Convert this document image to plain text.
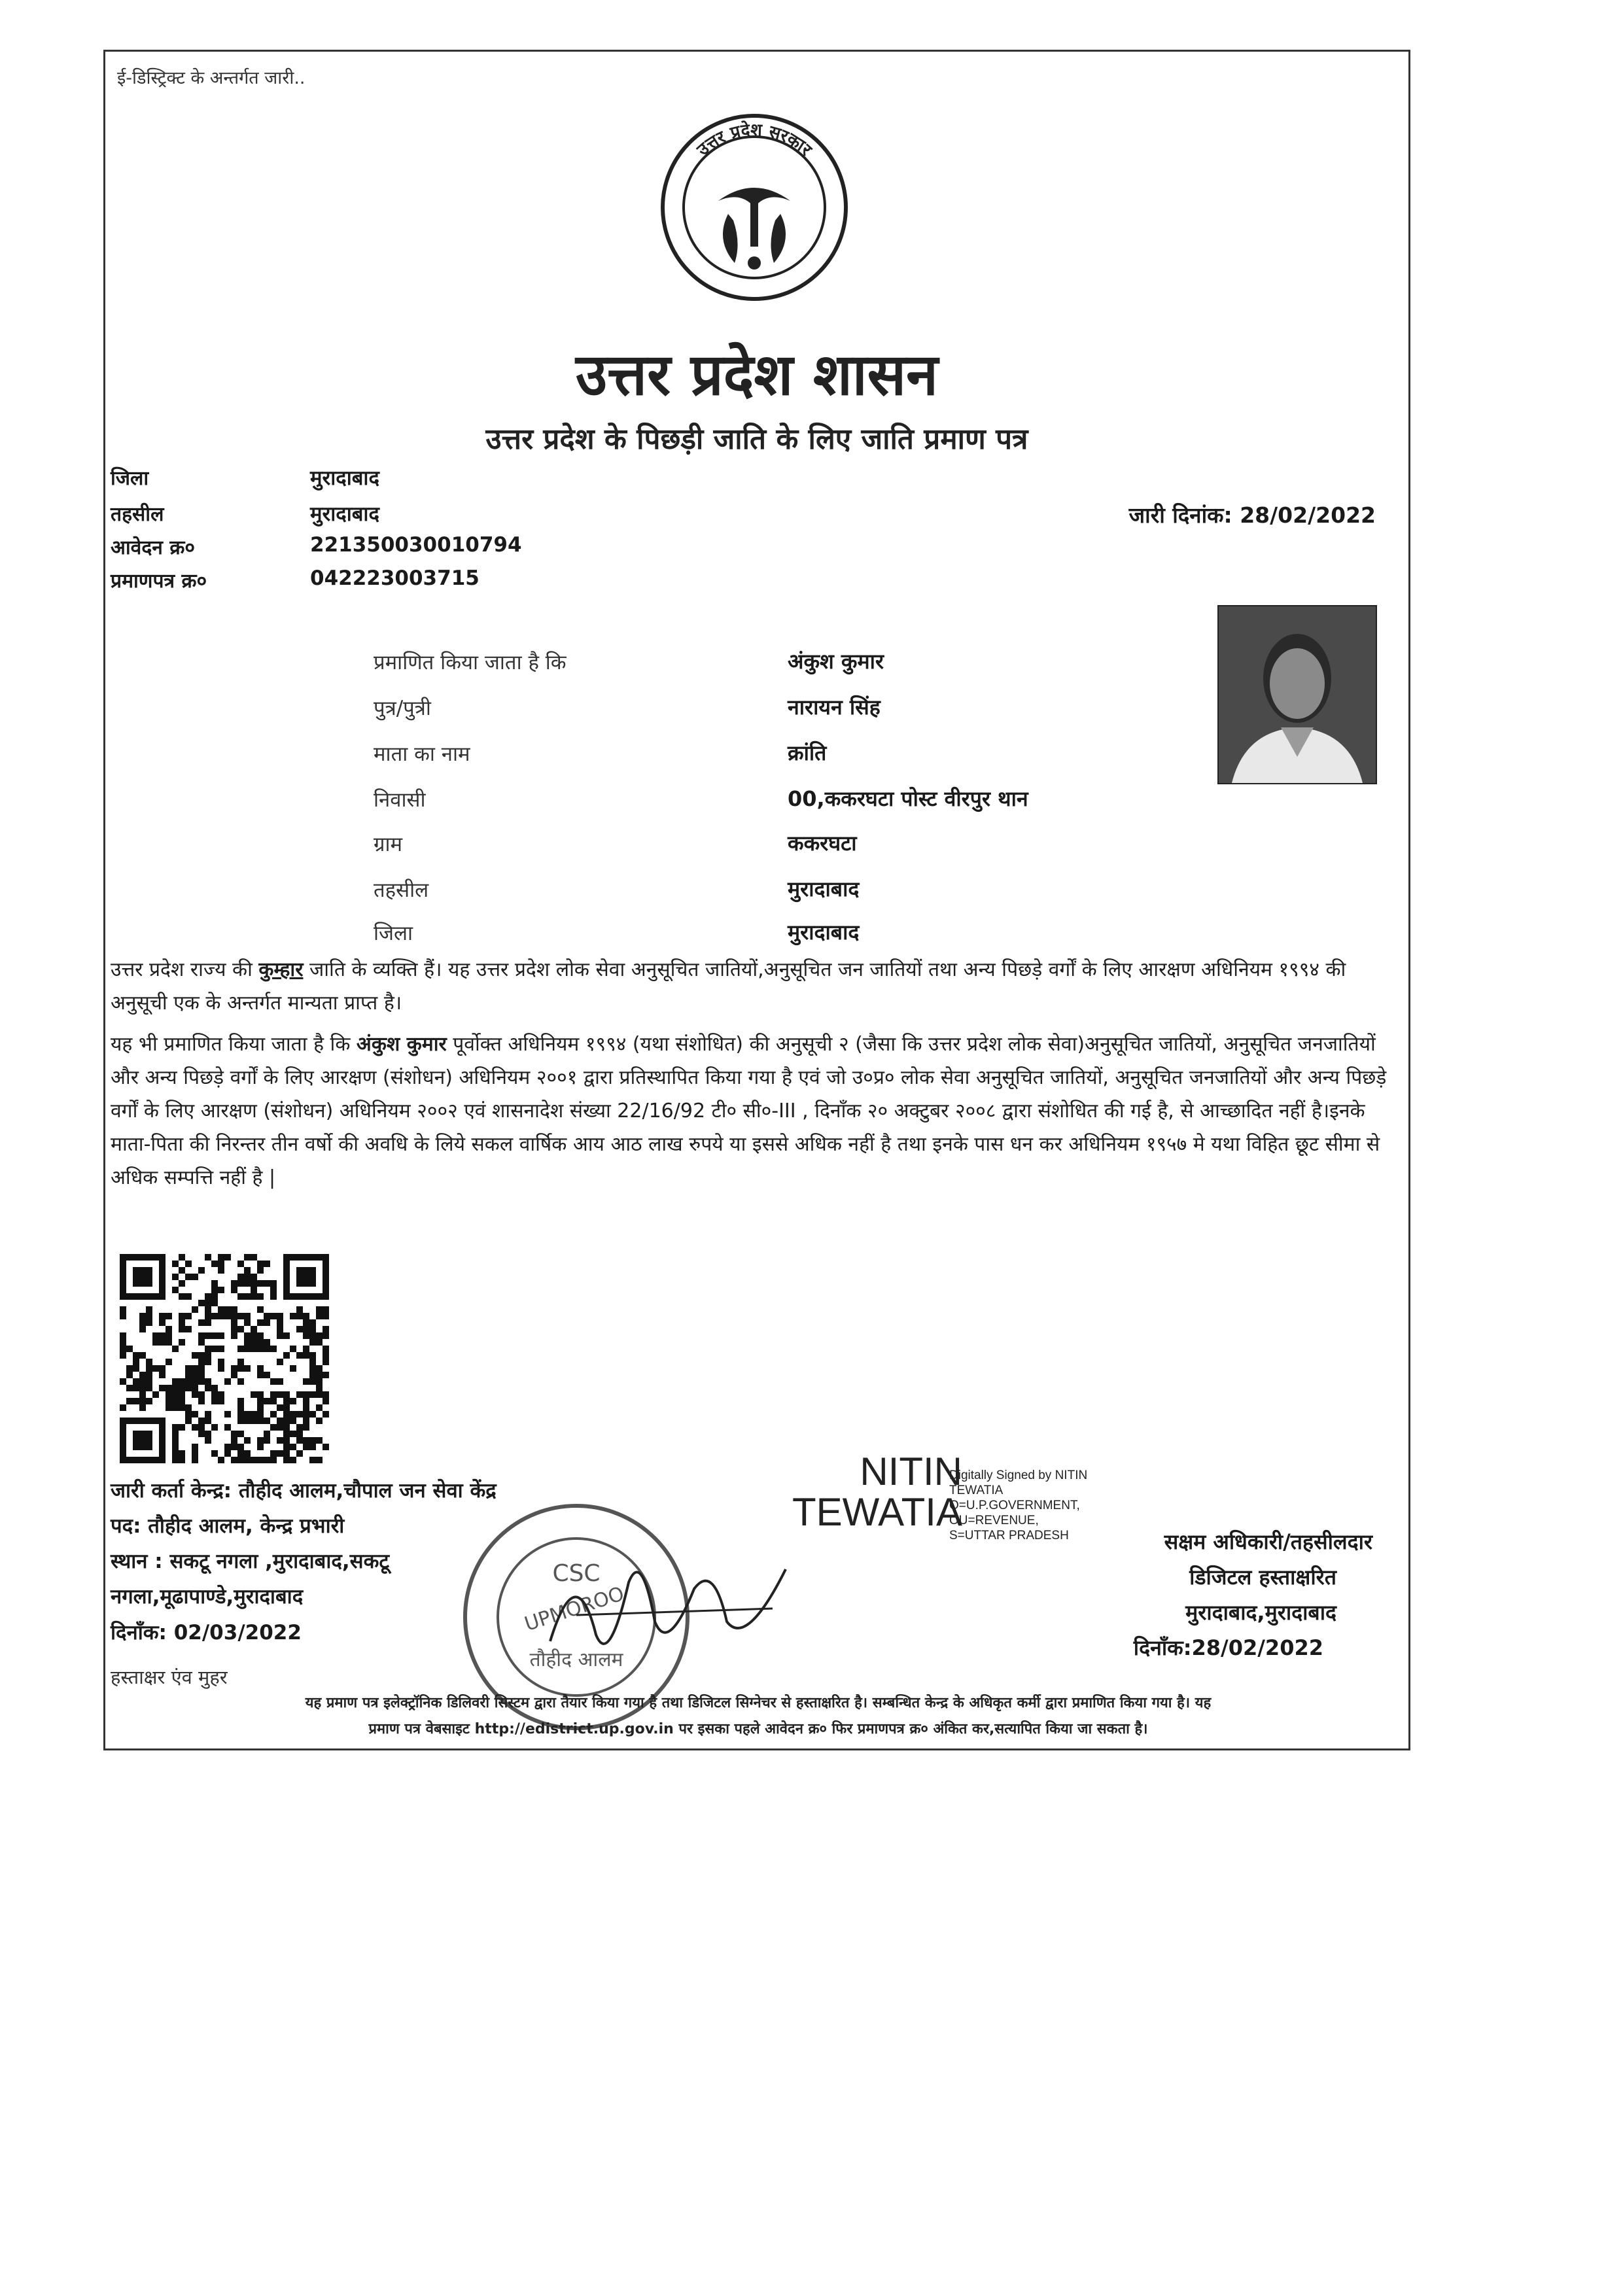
ई-डिस्ट्रिक्ट के अन्तर्गत जारी..
उत्तर प्रदेश सरकार
उत्तर प्रदेश शासन
उत्तर प्रदेश के पिछड़ी जाति के लिए जाति प्रमाण पत्र
जिला	मुरादाबाद
तहसील	मुरादाबाद
आवेदन क्र०	221350030010794
प्रमाणपत्र क्र०	042223003715
जारी दिनांक: 28/02/2022
प्रमाणित किया जाता है कि	अंकुश कुमार
पुत्र/पुत्री	नारायन सिंह
माता का नाम	क्रांति
निवासी	00,ककरघटा पोस्ट वीरपुर थान
ग्राम	ककरघटा
तहसील	मुरादाबाद
जिला	मुरादाबाद
उत्तर प्रदेश राज्य की कुम्हार जाति के व्यक्ति हैं। यह उत्तर प्रदेश लोक सेवा अनुसूचित जातियों,अनुसूचित जन जातियों तथा अन्य पिछड़े वर्गों के लिए आरक्षण अधिनियम १९९४ की अनुसूची एक के अन्तर्गत मान्यता प्राप्त है।
यह भी प्रमाणित किया जाता है कि अंकुश कुमार पूर्वोक्त अधिनियम १९९४ (यथा संशोधित) की अनुसूची २ (जैसा कि उत्तर प्रदेश लोक सेवा)अनुसूचित जातियों, अनुसूचित जनजातियों और अन्य पिछड़े वर्गों के लिए आरक्षण (संशोधन) अधिनियम २००१ द्वारा प्रतिस्थापित किया गया है एवं जो उ०प्र० लोक सेवा अनुसूचित जातियों, अनुसूचित जनजातियों और अन्य पिछड़े वर्गों के लिए आरक्षण (संशोधन) अधिनियम २००२ एवं शासनादेश संख्या 22/16/92 टी० सी०-III , दिनाँक २० अक्टुबर २००८ द्वारा संशोधित की गई है, से आच्छादित नहीं है।इनके माता-पिता की निरन्तर तीन वर्षो की अवधि के लिये सकल वार्षिक आय आठ लाख रुपये या इससे अधिक नहीं है तथा इनके पास धन कर अधिनियम १९५७ मे यथा विहित छूट सीमा से अधिक सम्पत्ति नहीं है |
जारी कर्ता केन्द्र: तौहीद आलम,चौपाल जन सेवा केंद्र
पद: तौहीद आलम, केन्द्र प्रभारी
स्थान : सकटू नगला ,मुरादाबाद,सकटू
नगला,मूढापाण्डे,मुरादाबाद
दिनाँक: 02/03/2022
हस्ताक्षर एंव मुहर
CSC
UPMOROO
तौहीद आलम
NITIN
TEWATIA
Digitally Signed by NITIN
TEWATIA
O=U.P.GOVERNMENT,
OU=REVENUE,
S=UTTAR PRADESH	सक्षम अधिकारी/तहसीलदार
डिजिटल हस्ताक्षरित
मुरादाबाद,मुरादाबाद
दिनाँक:28/02/2022
यह प्रमाण पत्र इलेक्ट्रॉनिक डिलिवरी सिस्टम द्वारा तैयार किया गया है तथा डिजिटल सिग्नेचर से हस्ताक्षरित है। सम्बन्धित केन्द्र के अधिकृत कर्मी द्वारा प्रमाणित किया गया है। यह
प्रमाण पत्र वेबसाइट http://edistrict.up.gov.in पर इसका पहले आवेदन क्र० फिर प्रमाणपत्र क्र० अंकित कर,सत्यापित किया जा सकता है।
